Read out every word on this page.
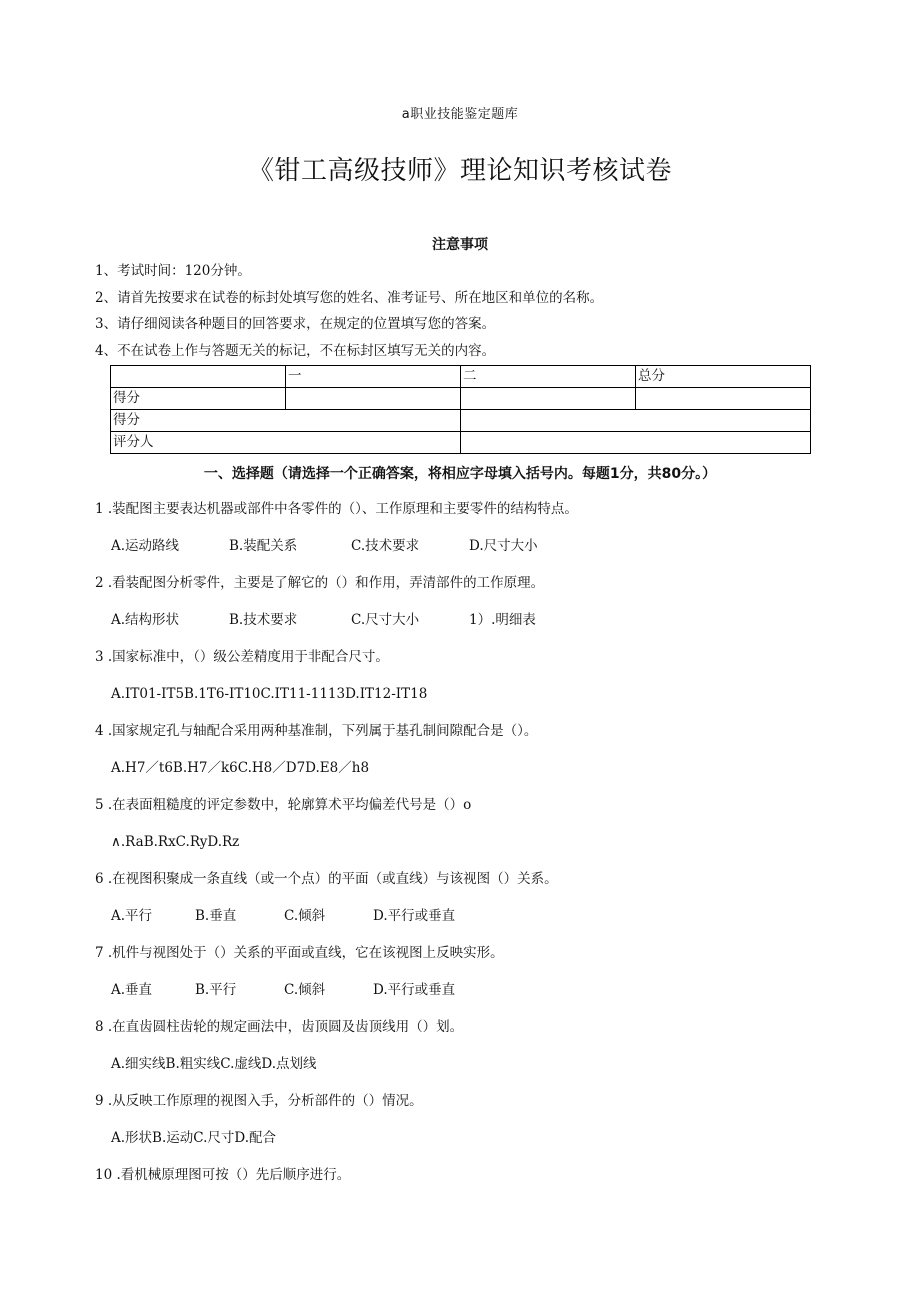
a职业技能鉴定题库
《钳工高级技师》理论知识考核试卷
注意事项
1、考试时间：120分钟。
2、请首先按要求在试卷的标封处填写您的姓名、准考证号、所在地区和单位的名称。
3、请仔细阅读各种题目的回答要求，在规定的位置填写您的答案。
4、不在试卷上作与答题无关的标记，不在标封区填写无关的内容。
	一	二	总分
得分			
得分			
评分人			
一、选择题（请选择一个正确答案，将相应字母填入括号内。每题1分，共80分。）
1 .装配图主要表达机器或部件中各零件的（）、工作原理和主要零件的结构特点。
A.运动路线	B.装配关系	C.技术要求	D.尺寸大小
2 .看装配图分析零件，主要是了解它的（）和作用，弄清部件的工作原理。
A.结构形状	B.技术要求	C.尺寸大小	1）.明细表
3 .国家标准中，（）级公差精度用于非配合尺寸。
A.IT01-IT5B.1T6-IT10C.IT11-1113D.IT12-IT18
4 .国家规定孔与轴配合采用两种基准制，下列属于基孔制间隙配合是（）。
A.H7／t6B.H7／k6C.H8／D7D.E8／h8
5 .在表面粗糙度的评定参数中，轮廓算术平均偏差代号是（）o
∧.RaB.RxC.RyD.Rz
6 .在视图积聚成一条直线（或一个点）的平面（或直线）与该视图（）关系。
A.平行	B.垂直	C.倾斜	D.平行或垂直
7 .机件与视图处于（）关系的平面或直线，它在该视图上反映实形。
A.垂直	B.平行	C.倾斜	D.平行或垂直
8 .在直齿圆柱齿轮的规定画法中，齿顶圆及齿顶线用（）划。
A.细实线B.粗实线C.虚线D.点划线
9 .从反映工作原理的视图入手，分析部件的（）情况。
A.形状B.运动C.尺寸D.配合
10 .看机械原理图可按（）先后顺序进行。
